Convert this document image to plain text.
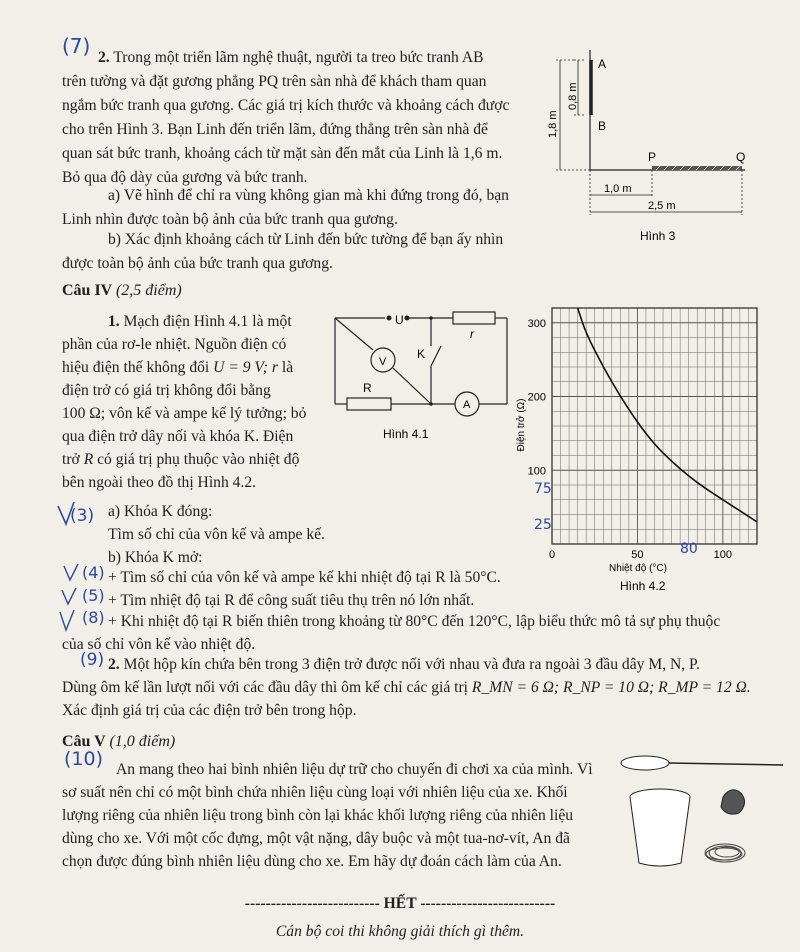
(7)
(3)
(4)
(5)
(8)
(9)
(10)
2. Trong một triển lãm nghệ thuật, người ta treo bức tranh AB
trên tường và đặt gương phẳng PQ trên sàn nhà để khách tham quan
ngắm bức tranh qua gương. Các giá trị kích thước và khoảng cách được
cho trên Hình 3. Bạn Linh đến triển lãm, đứng thẳng trên sàn nhà để
quan sát bức tranh, khoảng cách từ mặt sàn đến mắt của Linh là 1,6 m.
Bỏ qua độ dày của gương và bức tranh.
a) Vẽ hình để chỉ ra vùng không gian mà khi đứng trong đó, bạn
Linh nhìn được toàn bộ ảnh của bức tranh qua gương.
b) Xác định khoảng cách từ Linh đến bức tường để bạn ấy nhìn
được toàn bộ ảnh của bức tranh qua gương.
A
B
P	Q
0,8 m
1,8 m
1,0 m
2,5 m
Hình 3
Câu IV (2,5 điểm)
1. Mạch điện Hình 4.1 là một
phần của rơ-le nhiệt. Nguồn điện có
hiệu điện thế không đổi U = 9 V; r là
điện trở có giá trị không đổi bằng
100 Ω; vôn kế và ampe kế lý tưởng; bỏ
qua điện trở dây nối và khóa K. Điện
trở R có giá trị phụ thuộc vào nhiệt độ
bên ngoài theo đồ thị Hình 4.2.
a) Khóa K đóng:
Tìm số chỉ của vôn kế và ampe kế.
b) Khóa K mở:
+ Tìm số chỉ của vôn kế và ampe kế khi nhiệt độ tại R là 50°C.
+ Tìm nhiệt độ tại R để công suất tiêu thụ trên nó lớn nhất.
+ Khi nhiệt độ tại R biến thiên trong khoảng từ 80°C đến 120°C, lập biểu thức mô tả sự phụ thuộc
của số chỉ vôn kế vào nhiệt độ.
U
r
V
K
R
A
Hình 4.1
100
200
300
0	50	100
Điện trở (Ω)
Nhiệt độ (°C)
Hình 4.2
75
25
80
2. Một hộp kín chứa bên trong 3 điện trở được nối với nhau và đưa ra ngoài 3 đầu dây M, N, P.
Dùng ôm kế lần lượt nối với các đầu dây thì ôm kế chỉ các giá trị R_MN = 6 Ω; R_NP = 10 Ω; R_MP = 12 Ω.
Xác định giá trị của các điện trở bên trong hộp.
Câu V (1,0 điểm)
An mang theo hai bình nhiên liệu dự trữ cho chuyến đi chơi xa của mình. Vì
sơ suất nên chỉ có một bình chứa nhiên liệu cùng loại với nhiên liệu của xe. Khối
lượng riêng của nhiên liệu trong bình còn lại khác khối lượng riêng của nhiên liệu
dùng cho xe. Với một cốc đựng, một vật nặng, dây buộc và một tua-nơ-vít, An đã
chọn được đúng bình nhiên liệu dùng cho xe. Em hãy dự đoán cách làm của An.
-------------------------- HẾT --------------------------
Cán bộ coi thi không giải thích gì thêm.
